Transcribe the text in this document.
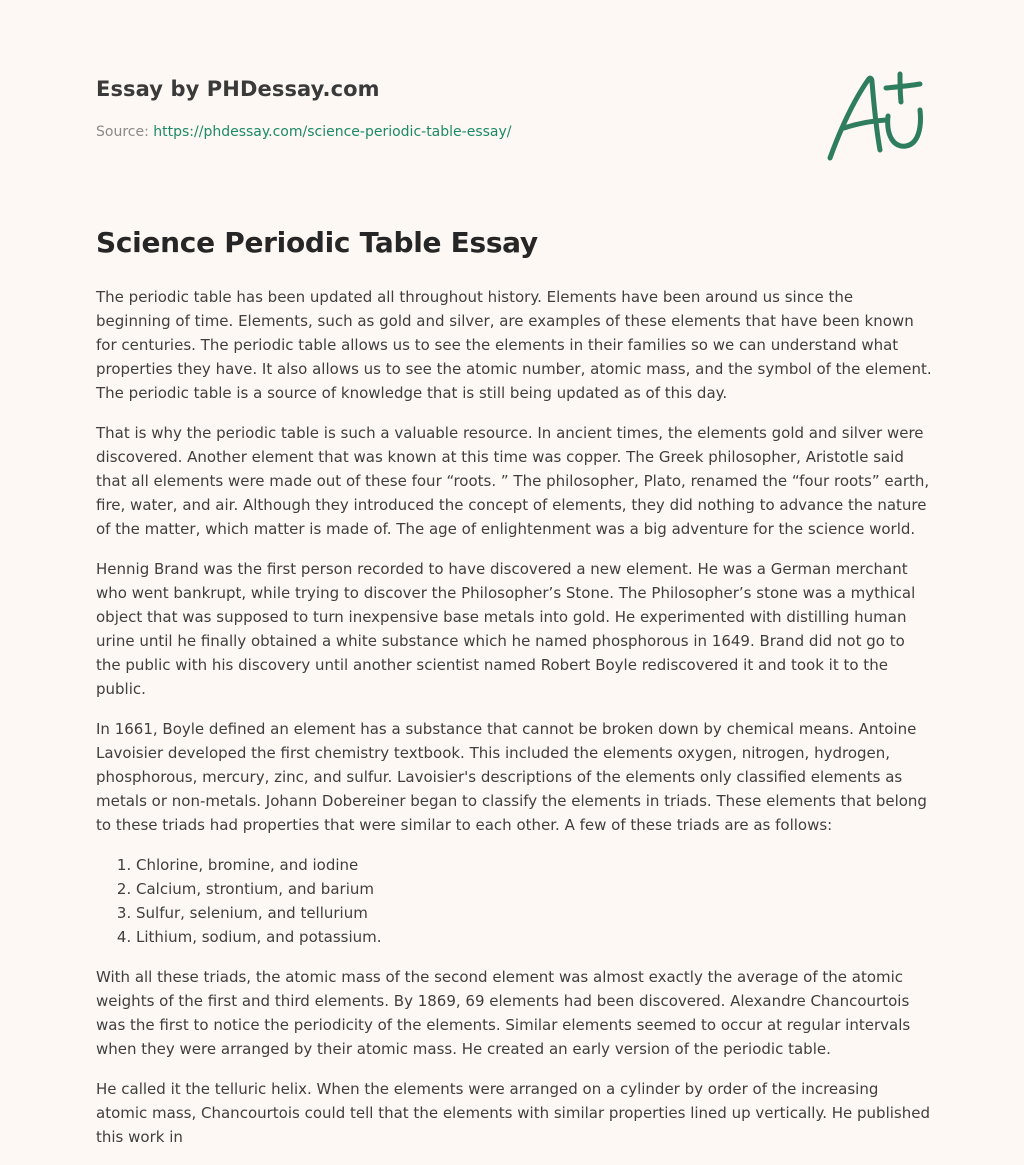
Essay by PHDessay.com

Source: https://phdessay.com/science-periodic-table-essay/

Science Periodic Table Essay

The periodic table has been updated all throughout history. Elements have been around us since the beginning of time. Elements, such as gold and silver, are examples of these elements that have been known for centuries. The periodic table allows us to see the elements in their families so we can understand what properties they have. It also allows us to see the atomic number, atomic mass, and the symbol of the element. The periodic table is a source of knowledge that is still being updated as of this day.

That is why the periodic table is such a valuable resource. In ancient times, the elements gold and silver were discovered. Another element that was known at this time was copper. The Greek philosopher, Aristotle said that all elements were made out of these four “roots. ” The philosopher, Plato, renamed the “four roots” earth, fire, water, and air. Although they introduced the concept of elements, they did nothing to advance the nature of the matter, which matter is made of. The age of enlightenment was a big adventure for the science world.

Hennig Brand was the first person recorded to have discovered a new element. He was a German merchant who went bankrupt, while trying to discover the Philosopher’s Stone. The Philosopher’s stone was a mythical object that was supposed to turn inexpensive base metals into gold. He experimented with distilling human urine until he finally obtained a white substance which he named phosphorous in 1649. Brand did not go to the public with his discovery until another scientist named Robert Boyle rediscovered it and took it to the public.

In 1661, Boyle defined an element has a substance that cannot be broken down by chemical means. Antoine Lavoisier developed the first chemistry textbook. This included the elements oxygen, nitrogen, hydrogen, phosphorous, mercury, zinc, and sulfur. Lavoisier's descriptions of the elements only classified elements as metals or non-metals. Johann Dobereiner began to classify the elements in triads. These elements that belong to these triads had properties that were similar to each other. A few of these triads are as follows:

1. Chlorine, bromine, and iodine
2. Calcium, strontium, and barium
3. Sulfur, selenium, and tellurium
4. Lithium, sodium, and potassium.

With all these triads, the atomic mass of the second element was almost exactly the average of the atomic weights of the first and third elements. By 1869, 69 elements had been discovered. Alexandre Chancourtois was the first to notice the periodicity of the elements. Similar elements seemed to occur at regular intervals when they were arranged by their atomic mass. He created an early version of the periodic table.

He called it the telluric helix. When the elements were arranged on a cylinder by order of the increasing atomic mass, Chancourtois could tell that the elements with similar properties lined up vertically. He published this work in
